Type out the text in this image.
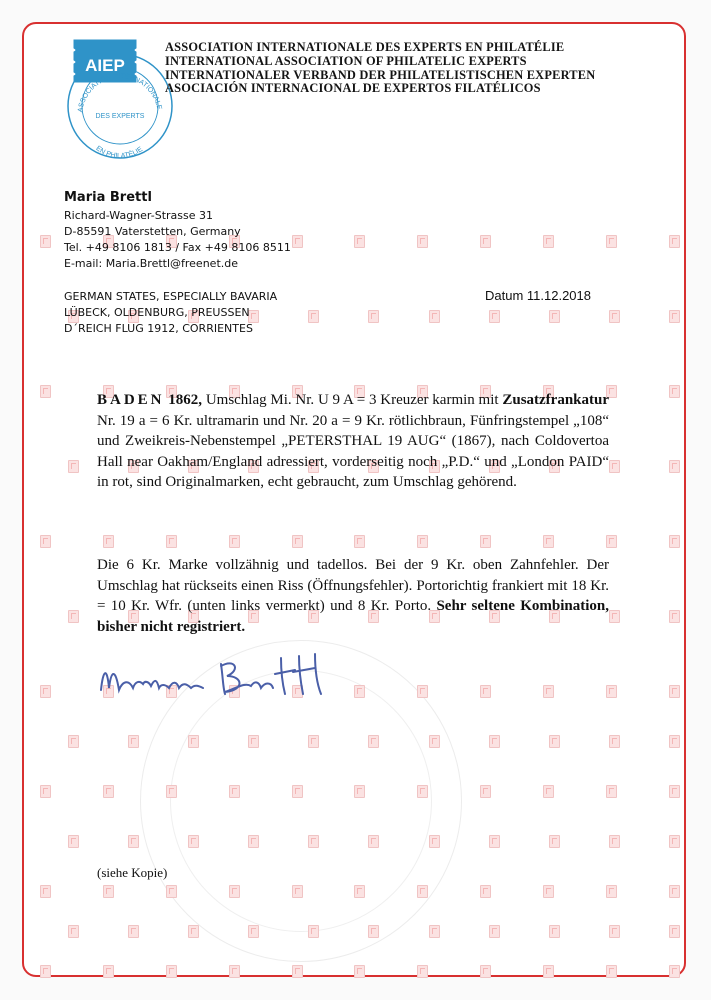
AIEP
ASSOCIATION INTERNATIONALE
DES EXPERTS
EN PHILATÉLIE
ASSOCIATION INTERNATIONALE DES EXPERTS EN PHILATÉLIE
INTERNATIONAL ASSOCIATION OF PHILATELIC EXPERTS
INTERNATIONALER VERBAND DER PHILATELISTISCHEN EXPERTEN
ASOCIACIÓN INTERNACIONAL DE EXPERTOS FILATÉLICOS
Maria Brettl
Richard-Wagner-Strasse 31
D-85591 Vaterstetten, Germany
Tel. +49 8106 1813 / Fax +49 8106 8511
E-mail: Maria.Brettl@freenet.de
GERMAN STATES, ESPECIALLY BAVARIA
LÜBECK, OLDENBURG, PREUSSEN
D´REICH FLUG 1912, CORRIENTES
Datum 11.12.2018
BADEN 1862, Umschlag Mi. Nr. U 9 A = 3 Kreuzer karmin mit Zusatzfrankatur Nr. 19 a = 6 Kr. ultramarin und Nr. 20 a = 9 Kr. rötlichbraun, Fünfringstempel „108“ und Zweikreis-Nebenstempel „PETERSTHAL 19 AUG“ (1867), nach Coldovertoa Hall near Oakham/England adressiert, vorderseitig noch „P.D.“ und „London PAID“ in rot, sind Originalmarken, echt gebraucht, zum Umschlag gehörend.
Die 6 Kr. Marke vollzähnig und tadellos. Bei der 9 Kr. oben Zahnfehler. Der Umschlag hat rückseits einen Riss (Öffnungsfehler). Portorichtig frankiert mit 18 Kr. = 10 Kr. Wfr. (unten links vermerkt) und 8 Kr. Porto. Sehr seltene Kombination, bisher nicht registriert.
(siehe Kopie)
